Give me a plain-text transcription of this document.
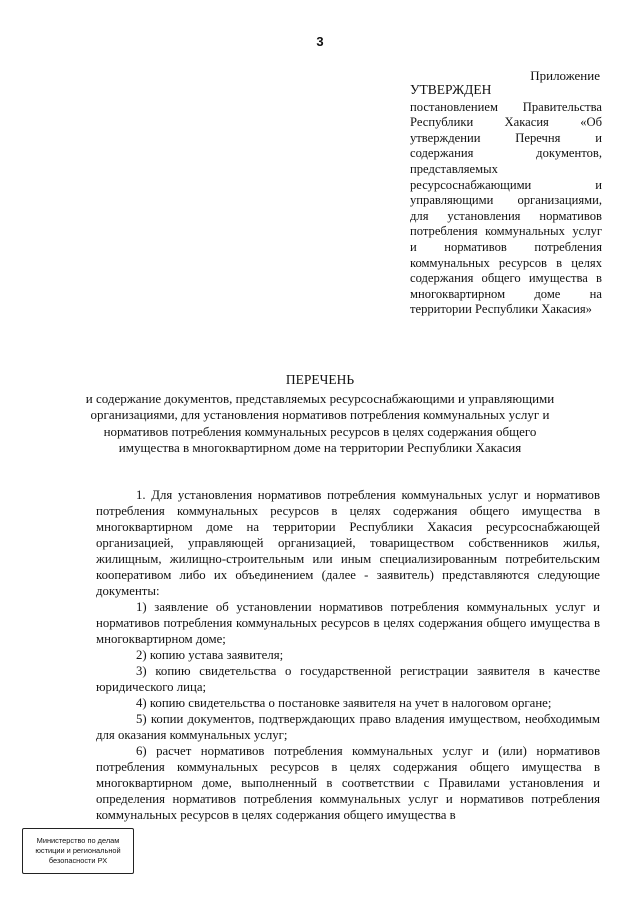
3
Приложение
УТВЕРЖДЕН
постановлением Правительства Республики Хакасия «Об утверждении Перечня и содержания документов, представляемых ресурсоснабжающими и управляющими организациями, для установления нормативов потребления коммунальных услуг и нормативов потребления коммунальных ресурсов в целях содержания общего имущества в многоквартирном доме на территории Республики Хакасия»
ПЕРЕЧЕНЬ
и содержание документов, представляемых ресурсоснабжающими и управляющими организациями, для установления нормативов потребления коммунальных услуг и нормативов потребления коммунальных ресурсов в целях содержания общего имущества в многоквартирном доме на территории Республики Хакасия

1. Для установления нормативов потребления коммунальных услуг и нормативов потребления коммунальных ресурсов в целях содержания общего имущества в многоквартирном доме на территории Республики Хакасия ресурсоснабжающей организацией, управляющей организацией, товариществом собственников жилья, жилищным, жилищно-строительным или иным специализированным потребительским кооперативом либо их объединением (далее - заявитель) представляются следующие документы:

1) заявление об установлении нормативов потребления коммунальных услуг и нормативов потребления коммунальных ресурсов в целях содержания общего имущества в многоквартирном доме;

2) копию устава заявителя;

3) копию свидетельства о государственной регистрации заявителя в качестве юридического лица;

4) копию свидетельства о постановке заявителя на учет в налоговом органе;

5) копии документов, подтверждающих право владения имуществом, необходимым для оказания коммунальных услуг;

6) расчет нормативов потребления коммунальных услуг и (или) нормативов потребления коммунальных ресурсов в целях содержания общего имущества в многоквартирном доме, выполненный в соответствии с Правилами установления и определения нормативов потребления коммунальных услуг и нормативов потребления коммунальных ресурсов в целях содержания общего имущества в

Министерство по делам
юстиции и региональной
безопасности РХ
